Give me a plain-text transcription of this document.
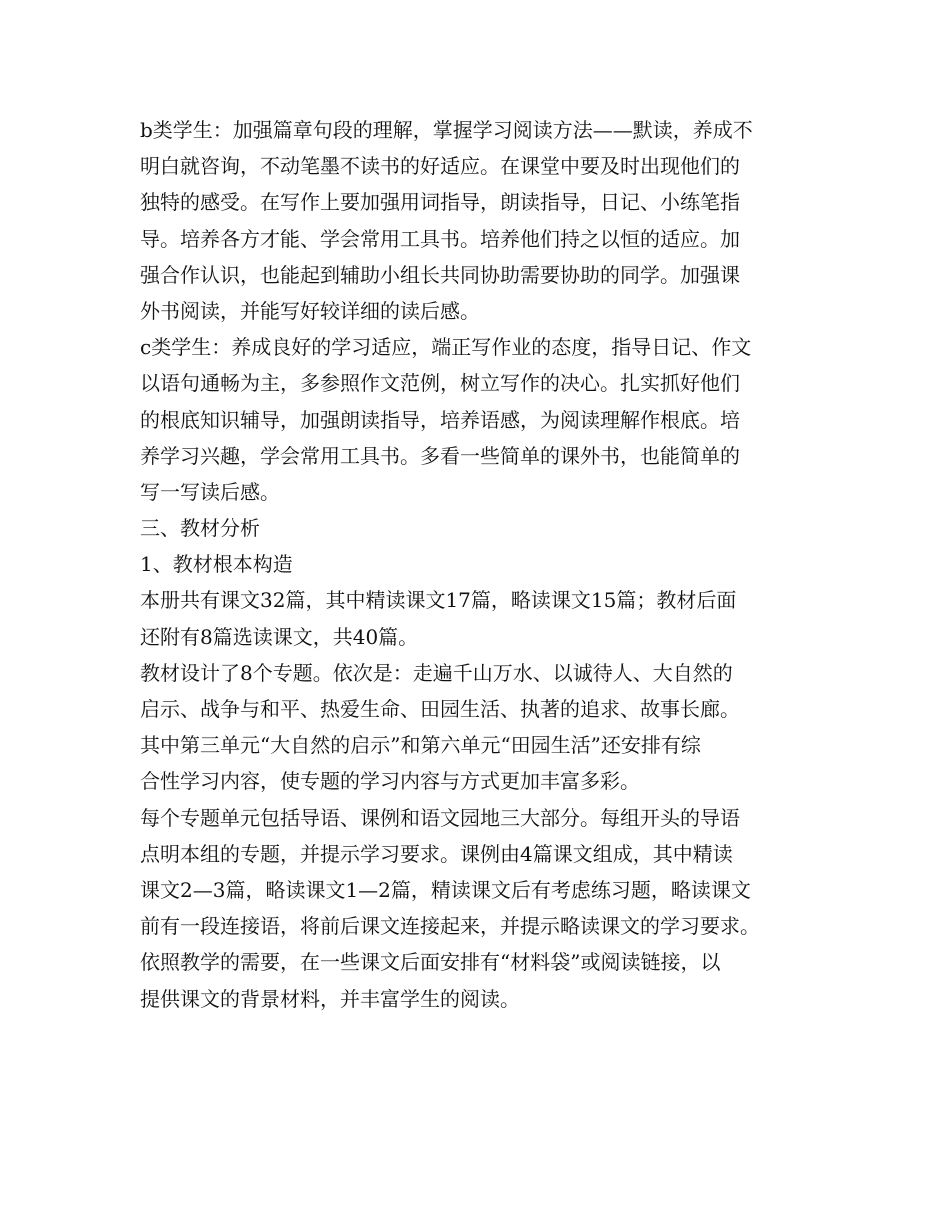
b类学生：加强篇章句段的理解，掌握学习阅读方法——默读，养成不
明白就咨询，不动笔墨不读书的好适应。在课堂中要及时出现他们的
独特的感受。在写作上要加强用词指导，朗读指导，日记、小练笔指
导。培养各方才能、学会常用工具书。培养他们持之以恒的适应。加
强合作认识，也能起到辅助小组长共同协助需要协助的同学。加强课
外书阅读，并能写好较详细的读后感。
c类学生：养成良好的学习适应，端正写作业的态度，指导日记、作文
以语句通畅为主，多参照作文范例，树立写作的决心。扎实抓好他们
的根底知识辅导，加强朗读指导，培养语感，为阅读理解作根底。培
养学习兴趣，学会常用工具书。多看一些简单的课外书，也能简单的
写一写读后感。
三、教材分析
1、教材根本构造
本册共有课文32篇，其中精读课文17篇，略读课文15篇；教材后面
还附有8篇选读课文，共40篇。
教材设计了8个专题。依次是：走遍千山万水、以诚待人、大自然的
启示、战争与和平、热爱生命、田园生活、执著的追求、故事长廊。
其中第三单元“大自然的启示”和第六单元“田园生活”还安排有综
合性学习内容，使专题的学习内容与方式更加丰富多彩。
每个专题单元包括导语、课例和语文园地三大部分。每组开头的导语
点明本组的专题，并提示学习要求。课例由4篇课文组成，其中精读
课文2—3篇，略读课文1—2篇，精读课文后有考虑练习题，略读课文
前有一段连接语，将前后课文连接起来，并提示略读课文的学习要求。
依照教学的需要，在一些课文后面安排有“材料袋”或阅读链接，以
提供课文的背景材料，并丰富学生的阅读。
